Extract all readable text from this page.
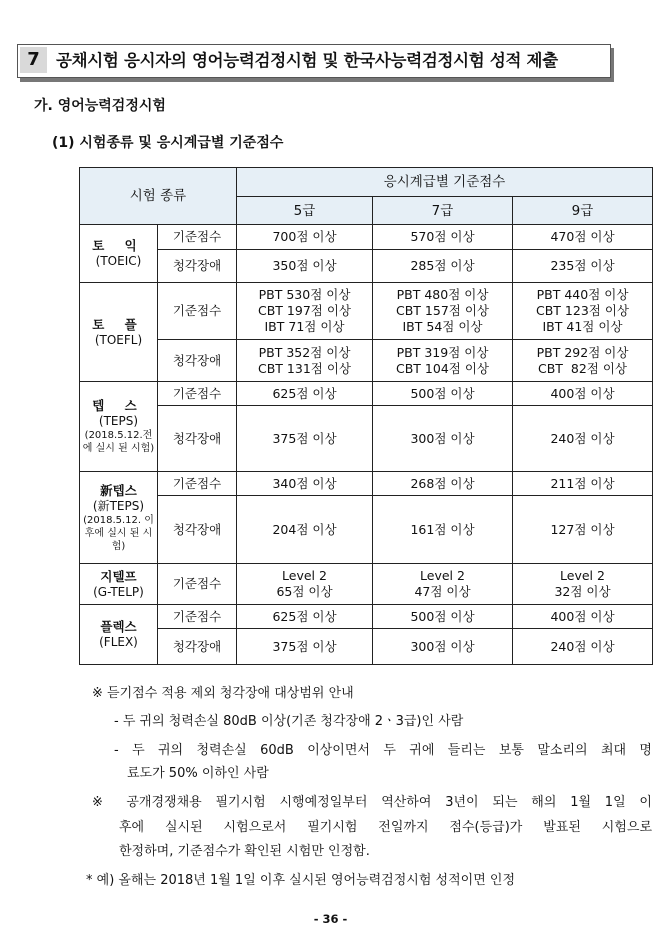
7 공채시험 응시자의 영어능력검정시험 및 한국사능력검정시험 성적 제출
가. 영어능력검정시험
(1) 시험종류 및 응시계급별 기준점수
시험 종류		응시계급별 기준점수		
		5급	7급	9급
토 익
(TOEIC)	기준점수	700점 이상	570점 이상	470점 이상
	청각장애	350점 이상	285점 이상	235점 이상
토 플
(TOEFL)	기준점수	PBT 530점 이상
CBT 197점 이상
IBT 71점 이상	PBT 480점 이상
CBT 157점 이상
IBT 54점 이상	PBT 440점 이상
CBT 123점 이상
IBT 41점 이상
	청각장애	PBT 352점 이상
CBT 131점 이상	PBT 319점 이상
CBT 104점 이상	PBT 292점 이상
CBT  82점 이상
텝 스
(TEPS)
(2018.5.12.전 에 실시 된 시험)	기준점수	625점 이상	500점 이상	400점 이상
	청각장애	375점 이상	300점 이상	240점 이상
新텝스
(新TEPS)
(2018.5.12. 이후에 실시 된 시험)	기준점수	340점 이상	268점 이상	211점 이상
	청각장애	204점 이상	161점 이상	127점 이상
지텔프
(G-TELP)	기준점수	Level 2
65점 이상	Level 2
47점 이상	Level 2
32점 이상
플렉스
(FLEX)	기준점수	625점 이상	500점 이상	400점 이상
	청각장애	375점 이상	300점 이상	240점 이상
※ 듣기점수 적용 제외 청각장애 대상범위 안내
- 두 귀의 청력손실 80dB 이상(기존 청각장애 2ㆍ3급)인 사람
- 두 귀의 청력손실 60dB 이상이면서 두 귀에 들리는 보통 말소리의 최대 명
료도가 50% 이하인 사람
※ 공개경쟁채용 필기시험 시행예정일부터 역산하여 3년이 되는 해의 1월 1일 이
후에 실시된 시험으로서 필기시험 전일까지 점수(등급)가 발표된 시험으로
한정하며, 기준점수가 확인된 시험만 인정함.
* 예) 올해는 2018년 1월 1일 이후 실시된 영어능력검정시험 성적이면 인정
- 36 -
